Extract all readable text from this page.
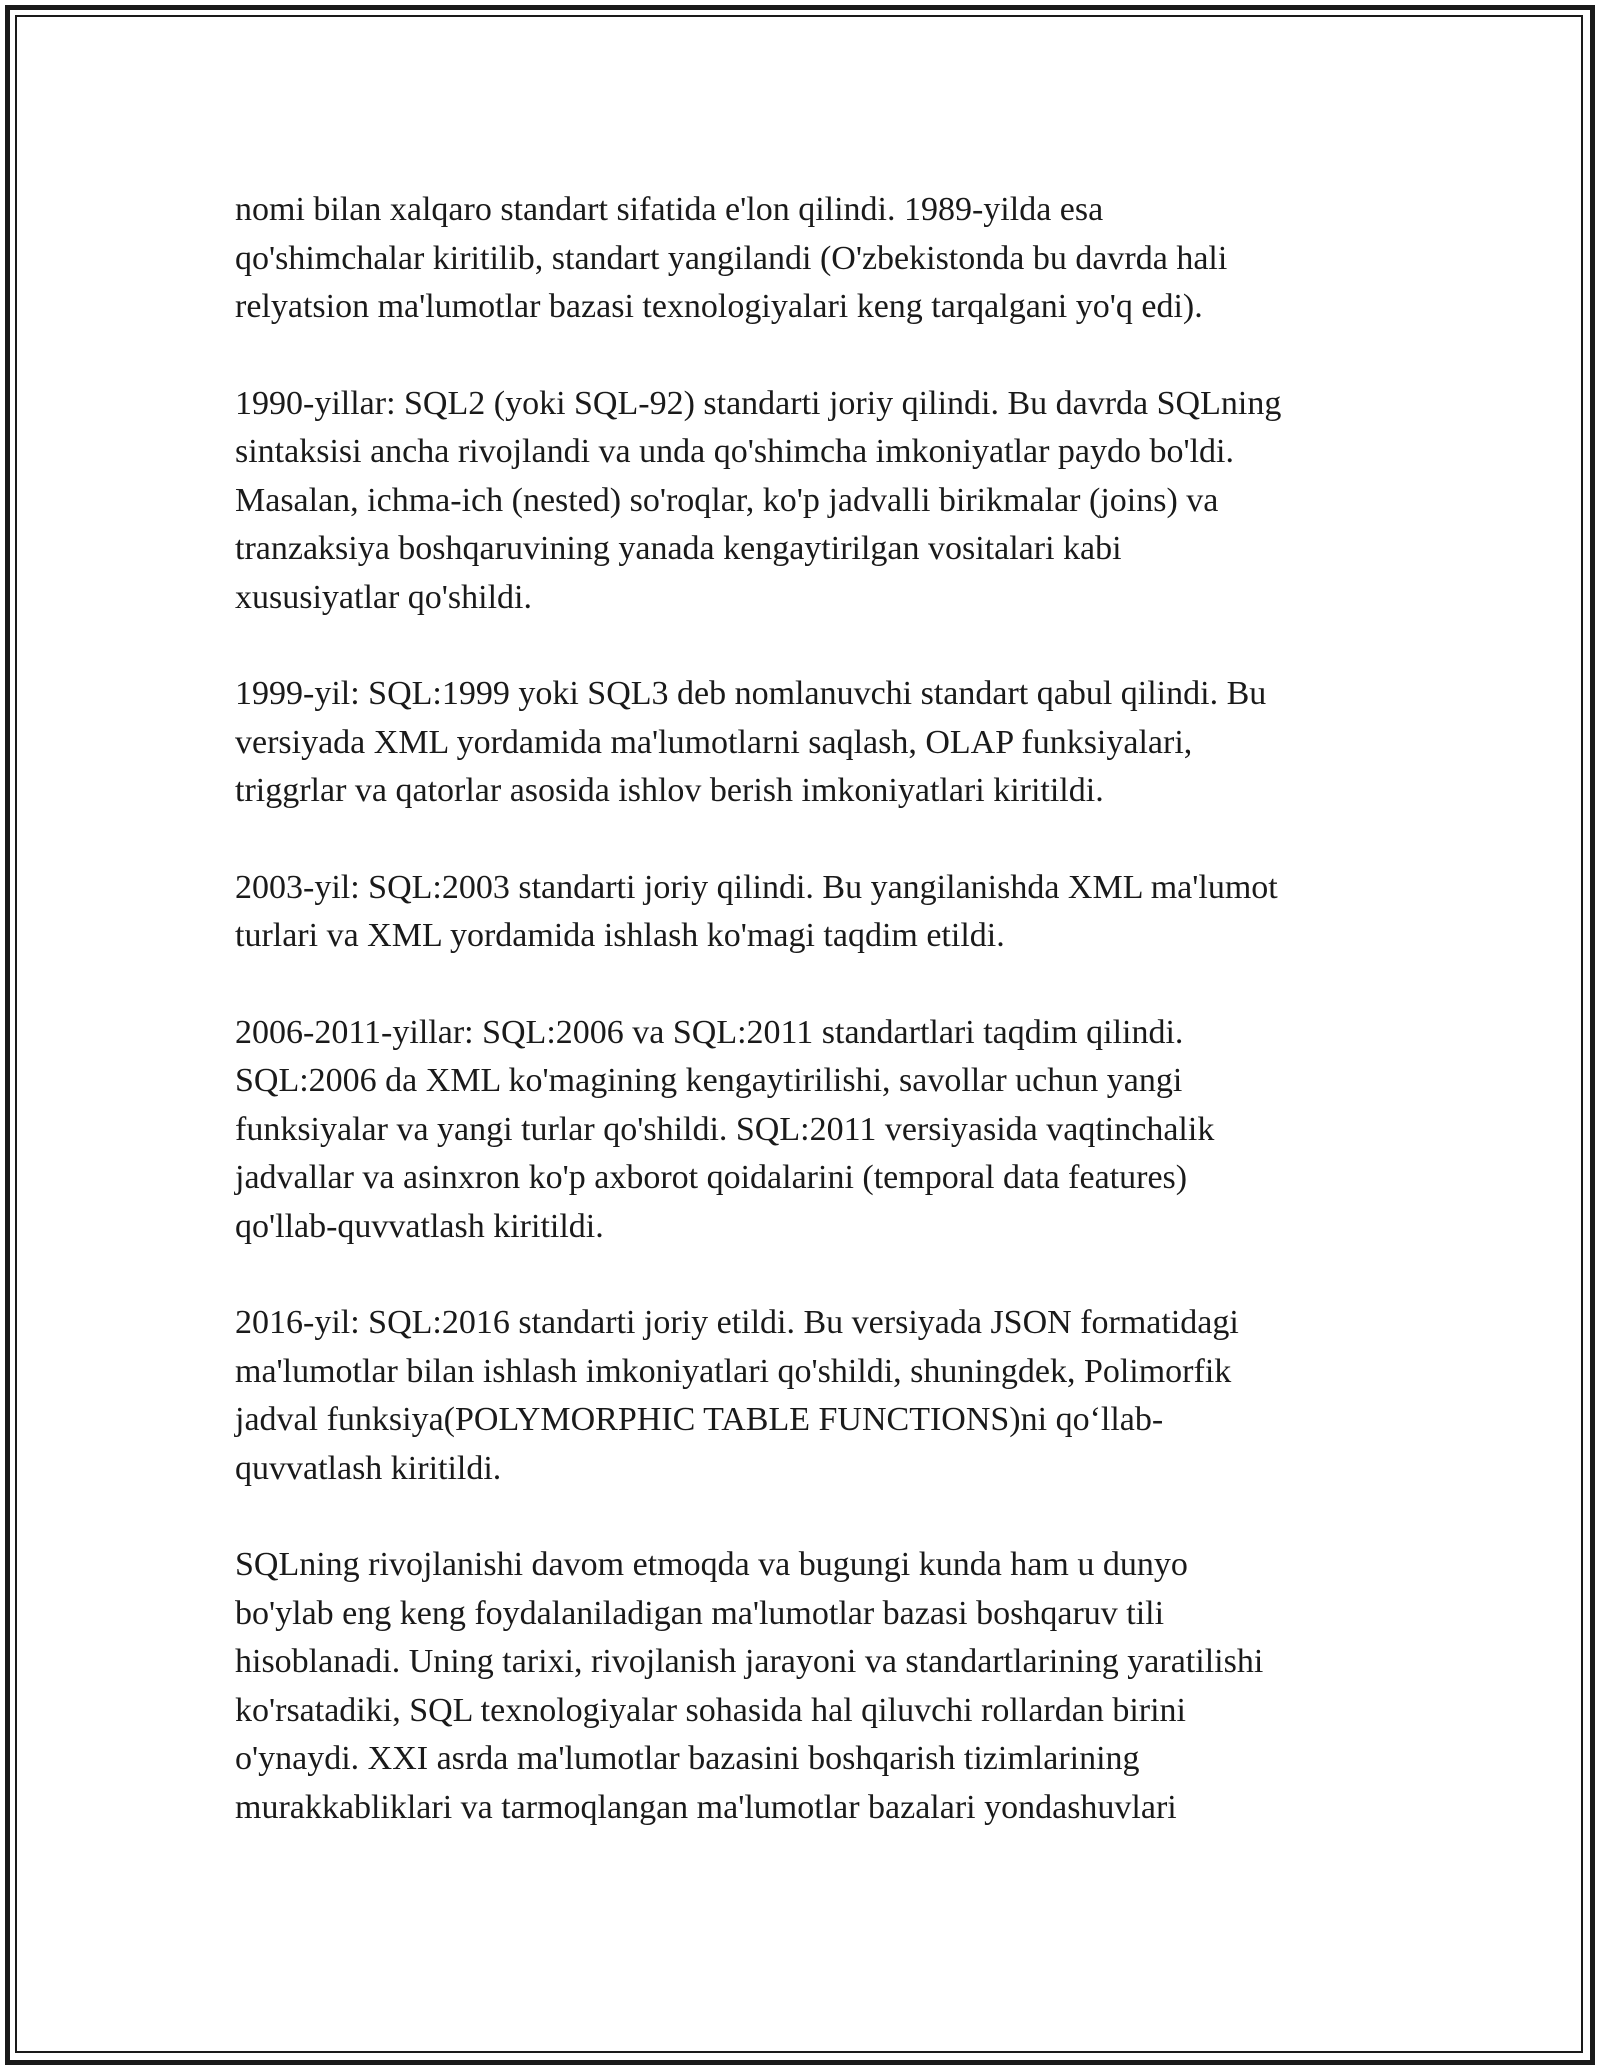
nomi bilan xalqaro standart sifatida e'lon qilindi. 1989-yilda esa
qo'shimchalar kiritilib, standart yangilandi (O'zbekistonda bu davrda hali
relyatsion ma'lumotlar bazasi texnologiyalari keng tarqalgani yo'q edi).

1990-yillar: SQL2 (yoki SQL-92) standarti joriy qilindi. Bu davrda SQLning
sintaksisi ancha rivojlandi va unda qo'shimcha imkoniyatlar paydo bo'ldi.
Masalan, ichma-ich (nested) so'roqlar, ko'p jadvalli birikmalar (joins) va
tranzaksiya boshqaruvining yanada kengaytirilgan vositalari kabi
xususiyatlar qo'shildi.

1999-yil: SQL:1999 yoki SQL3 deb nomlanuvchi standart qabul qilindi. Bu
versiyada XML yordamida ma'lumotlarni saqlash, OLAP funksiyalari,
triggrlar va qatorlar asosida ishlov berish imkoniyatlari kiritildi.

2003-yil: SQL:2003 standarti joriy qilindi. Bu yangilanishda XML ma'lumot
turlari va XML yordamida ishlash ko'magi taqdim etildi.

2006-2011-yillar: SQL:2006 va SQL:2011 standartlari taqdim qilindi.
SQL:2006 da XML ko'magining kengaytirilishi, savollar uchun yangi
funksiyalar va yangi turlar qo'shildi. SQL:2011 versiyasida vaqtinchalik
jadvallar va asinxron ko'p axborot qoidalarini (temporal data features)
qo'llab-quvvatlash kiritildi.

2016-yil: SQL:2016 standarti joriy etildi. Bu versiyada JSON formatidagi
ma'lumotlar bilan ishlash imkoniyatlari qo'shildi, shuningdek, Polimorfik
jadval funksiya(POLYMORPHIC TABLE FUNCTIONS)ni qo‘llab-
quvvatlash kiritildi.

SQLning rivojlanishi davom etmoqda va bugungi kunda ham u dunyo
bo'ylab eng keng foydalaniladigan ma'lumotlar bazasi boshqaruv tili
hisoblanadi. Uning tarixi, rivojlanish jarayoni va standartlarining yaratilishi
ko'rsatadiki, SQL texnologiyalar sohasida hal qiluvchi rollardan birini
o'ynaydi. XXI asrda ma'lumotlar bazasini boshqarish tizimlarining
murakkabliklari va tarmoqlangan ma'lumotlar bazalari yondashuvlari
